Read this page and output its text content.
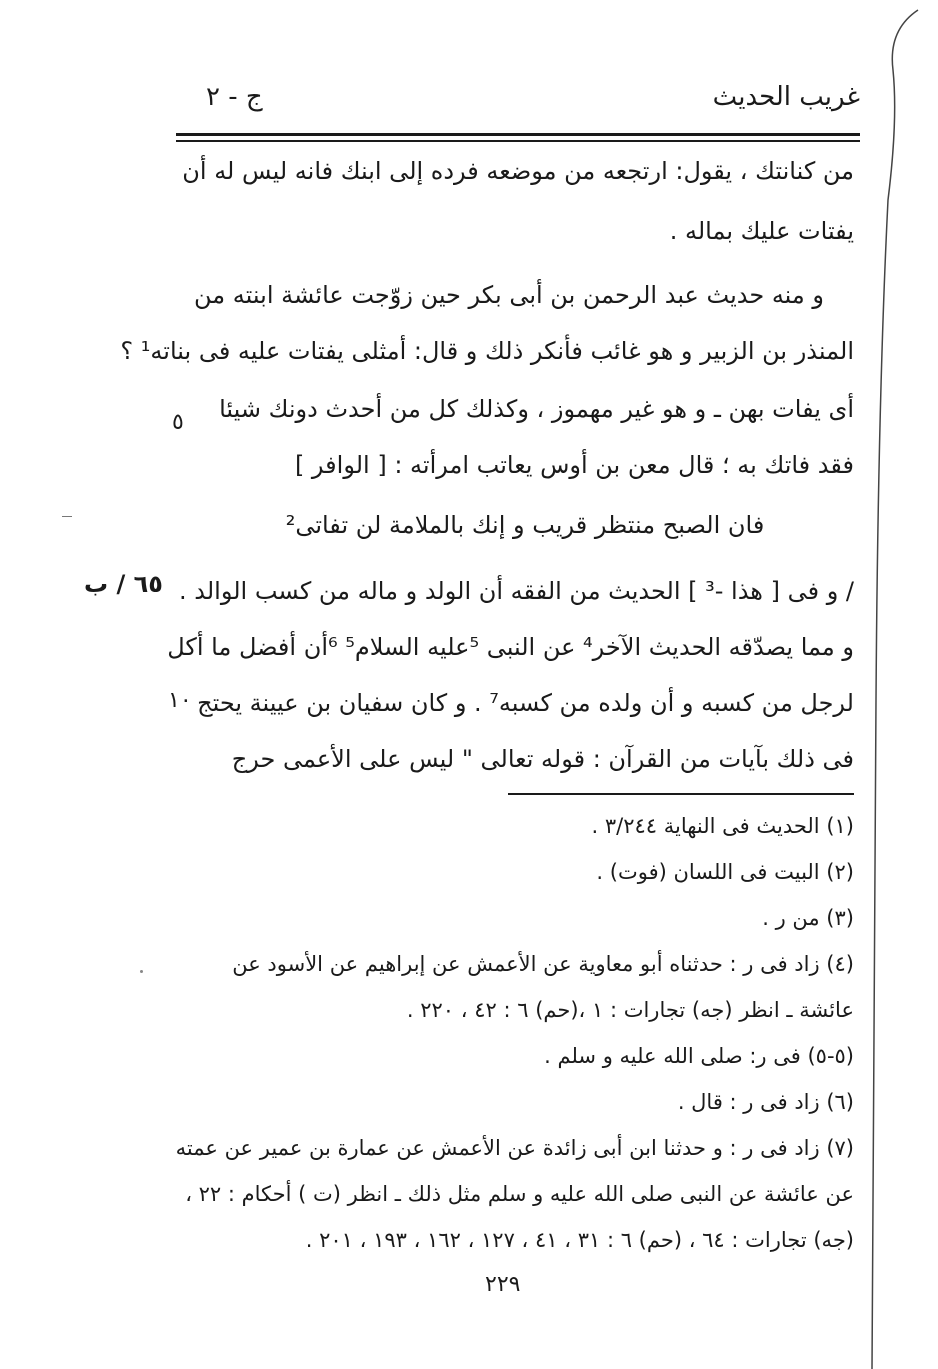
غريب الحديث
ج - ٢
من كنانتك ، يقول: ارتجعه من موضعه فرده إلى ابنك فانه ليس له أن
يفتات عليك بماله .
و منه حديث عبد الرحمن بن أبى بكر حين زوّجت عائشة ابنته من
المنذر بن الزبير و هو غائب فأنكر ذلك و قال: أمثلى يفتات عليه فى بناته¹ ؟
أى يفات بهن ـ و هو غير مهموز ، وكذلك كل من أحدث دونك شيئا
فقد فاتك به ؛ قال معن بن أوس يعاتب امرأته : [ الوافر ]
فان الصبح منتظر قريب و إنك بالملامة لن تفاتى²
/ و فى [ هذا -³ ] الحديث من الفقه أن الولد و ماله من كسب الوالد .
و مما يصدّقه الحديث الآخر⁴ عن النبى ⁵عليه السلام⁵ ⁶أن أفضل ما أكل
لرجل من كسبه و أن ولده من كسبه⁷ . و كان سفيان بن عيينة يحتج
فى ذلك بآيات من القرآن : قوله تعالى " ليس على الأعمى حرج
٦٥ / ب
٥
١٠
(١) الحديث فى النهاية ٣/٢٤٤ .
(٢) البيت فى اللسان (فوت) .
(٣) من ر .
(٤) زاد فى ر : حدثناه أبو معاوية عن الأعمش عن إبراهيم عن الأسود عن
عائشة ـ انظر (جه) تجارات : ١ ،(حم) ٦ : ٤٢ ، ٢٢٠ .
(٥-٥) فى ر: صلى الله عليه و سلم .
(٦) زاد فى ر : قال .
(٧) زاد فى ر : و حدثنا ابن أبى زائدة عن الأعمش عن عمارة بن عمير عن عمته
عن عائشة عن النبى صلى الله عليه و سلم مثل ذلك ـ انظر (ت ) أحكام : ٢٢ ،
(جه) تجارات : ٦٤ ، (حم) ٦ : ٣١ ، ٤١ ، ١٢٧ ، ١٦٢ ، ١٩٣ ، ٢٠١ .
٢٢٩
